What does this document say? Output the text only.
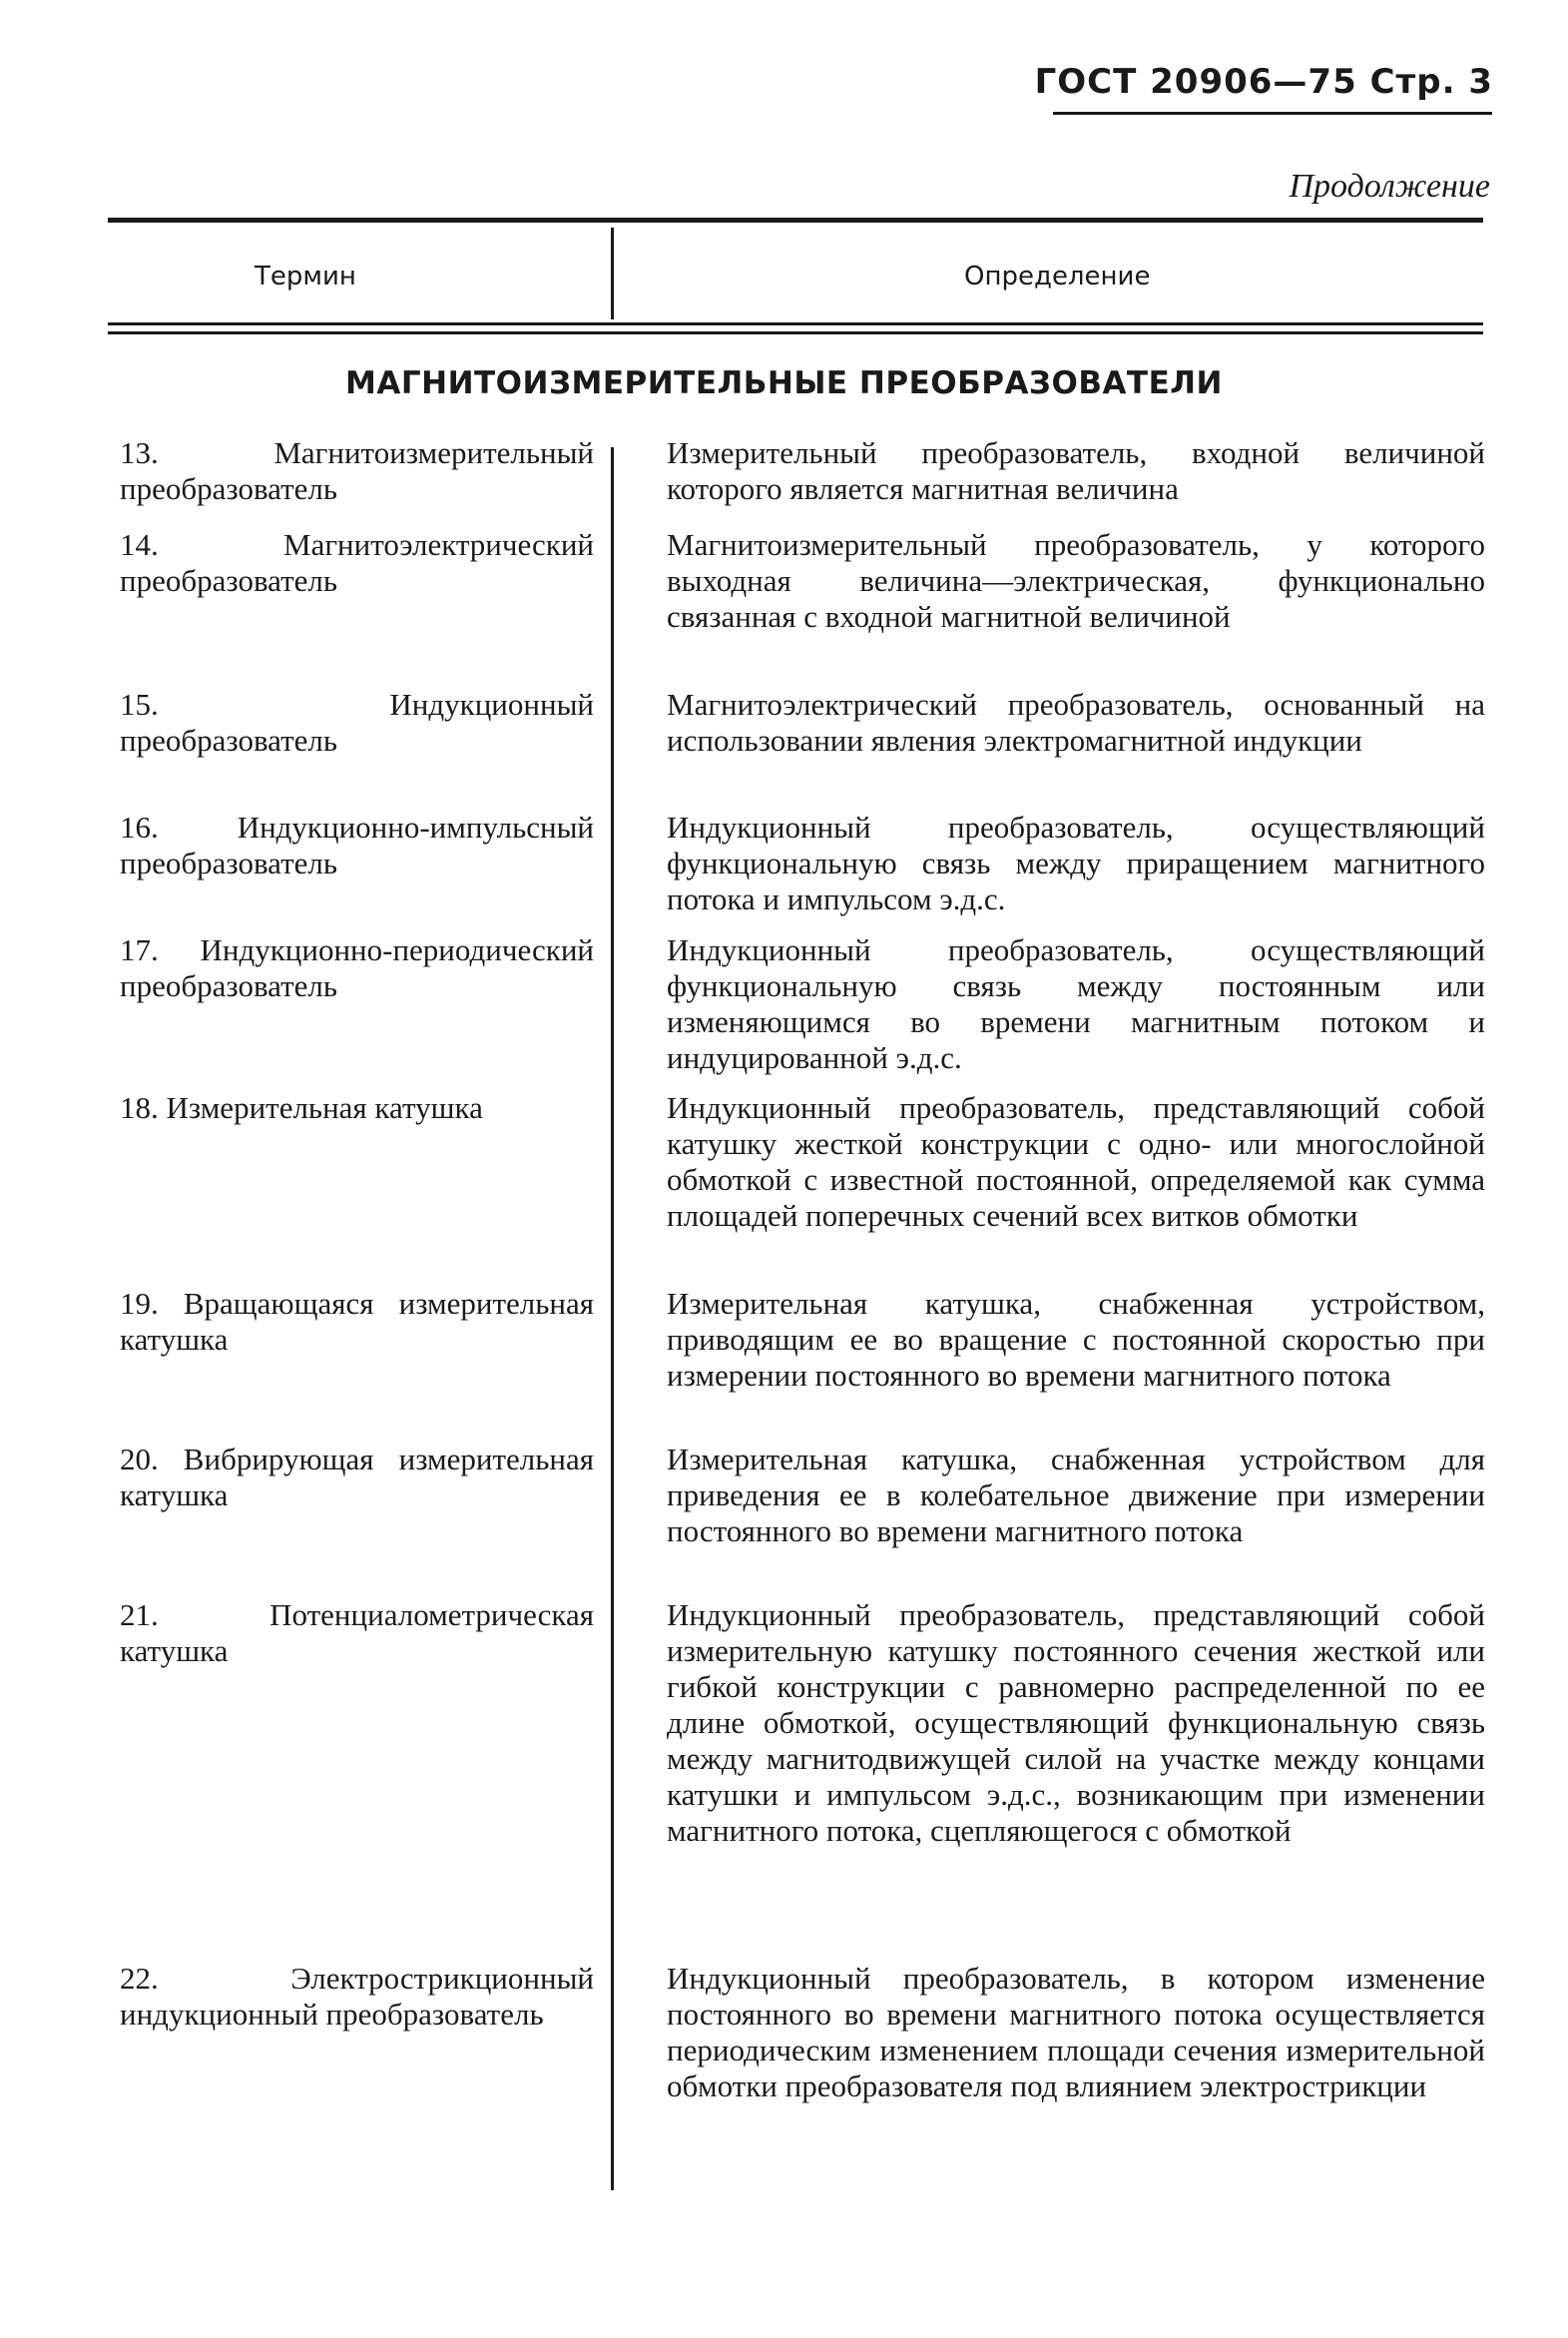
ГОСТ 20906—75 Стр. 3
Продолжение
Термин	Определение
МАГНИТОИЗМЕРИТЕЛЬНЫЕ ПРЕОБРАЗОВАТЕЛИ
13. Магнитоизмерительный преобразователь
Измерительный преобразователь, входной величиной которого является магнитная величина
14. Магнитоэлектрический преобразователь
Магнитоизмерительный преобразователь, у которого выходная величина—электрическая, функционально связанная с входной магнитной величиной
15. Индукционный преобразователь
Магнитоэлектрический преобразователь, основанный на использовании явления электромагнитной индукции
16. Индукционно-импульсный преобразователь
Индукционный преобразователь, осуществляющий функциональную связь между приращением магнитного потока и импульсом э.д.с.
17. Индукционно-периодический преобразователь
Индукционный преобразователь, осуществляющий функциональную связь между постоянным или изменяющимся во времени магнитным потоком и индуцированной э.д.с.
18. Измерительная катушка	Индукционный преобразователь, представляющий собой катушку жесткой конструкции с одно- или многослойной обмоткой с известной постоянной, определяемой как сумма площадей поперечных сечений всех витков обмотки
19. Вращающаяся измерительная катушка
Измерительная катушка, снабженная устройством, приводящим ее во вращение с постоянной скоростью при измерении постоянного во времени магнитного потока
20. Вибрирующая измерительная катушка
Измерительная катушка, снабженная устройством для приведения ее в колебательное движение при измерении постоянного во времени магнитного потока
21. Потенциалометрическая катушка
Индукционный преобразователь, представляющий собой измерительную катушку постоянного сечения жесткой или гибкой конструкции с равномерно распределенной по ее длине обмоткой, осуществляющий функциональную связь между магнитодвижущей силой на участке между концами катушки и импульсом э.д.с., возникающим при изменении магнитного потока, сцепляющегося с обмоткой
22. Электрострикционный индукционный преобразователь
Индукционный преобразователь, в котором изменение постоянного во времени магнитного потока осуществляется периодическим изменением площади сечения измерительной обмотки преобразователя под влиянием электрострикции
